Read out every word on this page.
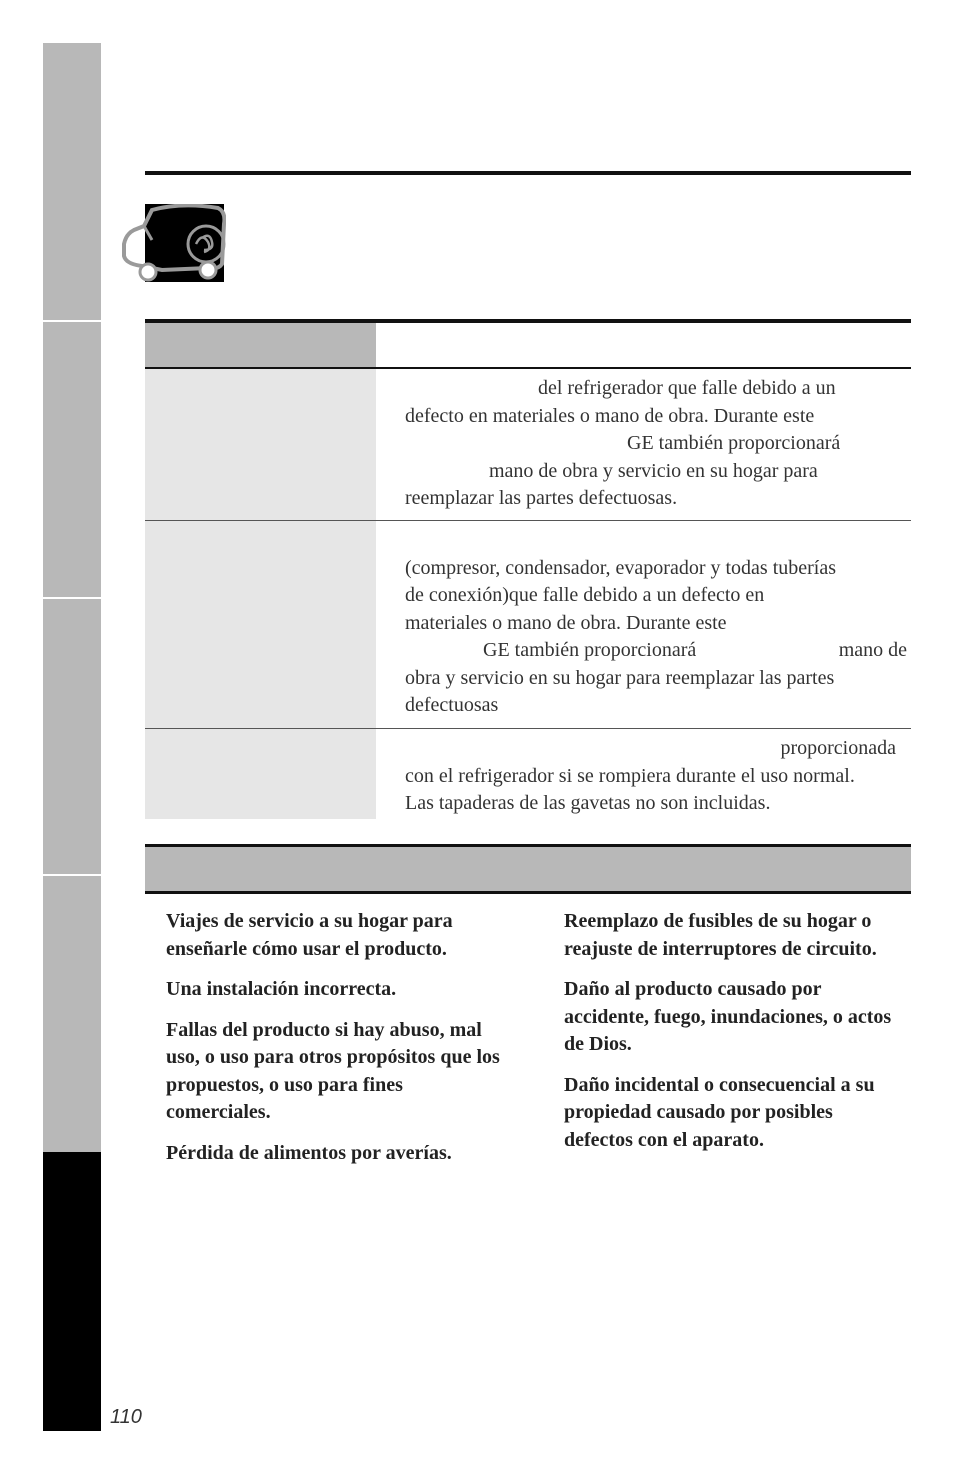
del refrigerador que falle debido a un

defecto en materiales o mano de obra. Durante este

GE también proporcionará

mano de obra y servicio en su hogar para

reemplazar las partes defectuosas.

(compresor, condensador, evaporador y todas tuberías

de conexión)que falle debido a un defecto en

materiales o mano de obra. Durante este

GE también proporcionará	mano de

obra y servicio en su hogar para reemplazar las partes

defectuosas

proporcionada

con el refrigerador si se rompiera durante el uso normal.

Las tapaderas de las gavetas no son incluidas.

Viajes de servicio a su hogar para enseñarle cómo usar el producto.

Una instalación incorrecta.

Fallas del producto si hay abuso, mal uso, o uso para otros propósitos que los propuestos, o uso para fines comerciales.

Pérdida de alimentos por averías.

Reemplazo de fusibles de su hogar o reajuste de interruptores de circuito.

Daño al producto causado por accidente, fuego, inundaciones, o actos de Dios.

Daño incidental o consecuencial a su propiedad causado por posibles defectos con el aparato.

110
